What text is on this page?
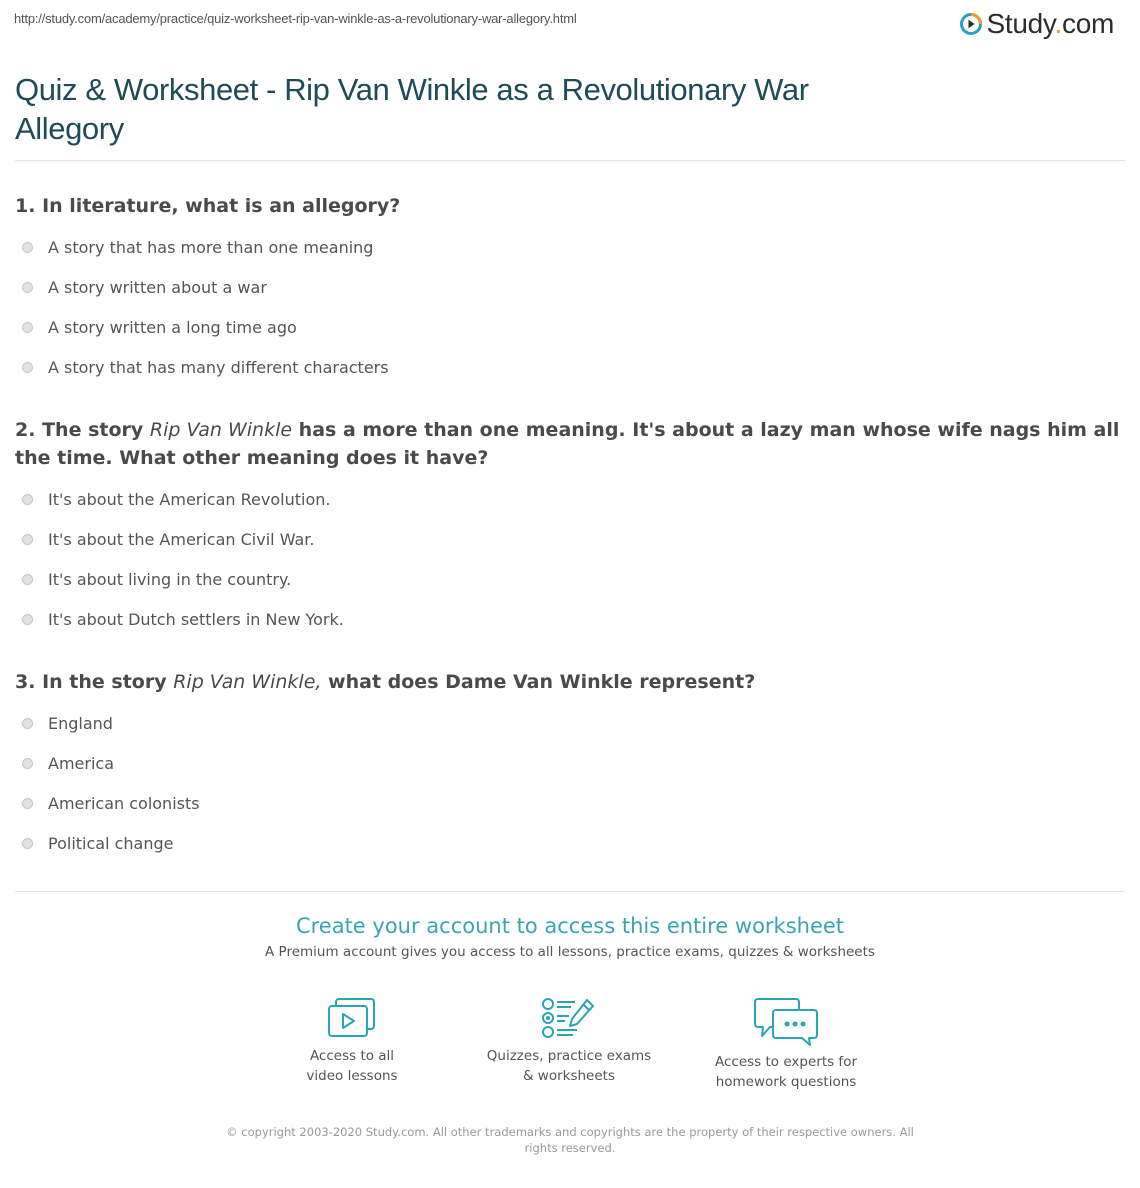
http://study.com/academy/practice/quiz-worksheet-rip-van-winkle-as-a-revolutionary-war-allegory.html	Study.com
Quiz & Worksheet - Rip Van Winkle as a Revolutionary War Allegory

1. In literature, what is an allegory?

A story that has more than one meaning
A story written about a war
A story written a long time ago
A story that has many different characters

2. The story Rip Van Winkle has a more than one meaning. It's about a lazy man whose wife nags him all the time. What other meaning does it have?

It's about the American Revolution.
It's about the American Civil War.
It's about living in the country.
It's about Dutch settlers in New York.

3. In the story Rip Van Winkle, what does Dame Van Winkle represent?

England
America
American colonists
Political change
Create your account to access this entire worksheet
A Premium account gives you access to all lessons, practice exams, quizzes & worksheets
Access to all
video lessons
Quizzes, practice exams
& worksheets
Access to experts for
homework questions
© copyright 2003-2020 Study.com. All other trademarks and copyrights are the property of their respective owners. All rights reserved.
